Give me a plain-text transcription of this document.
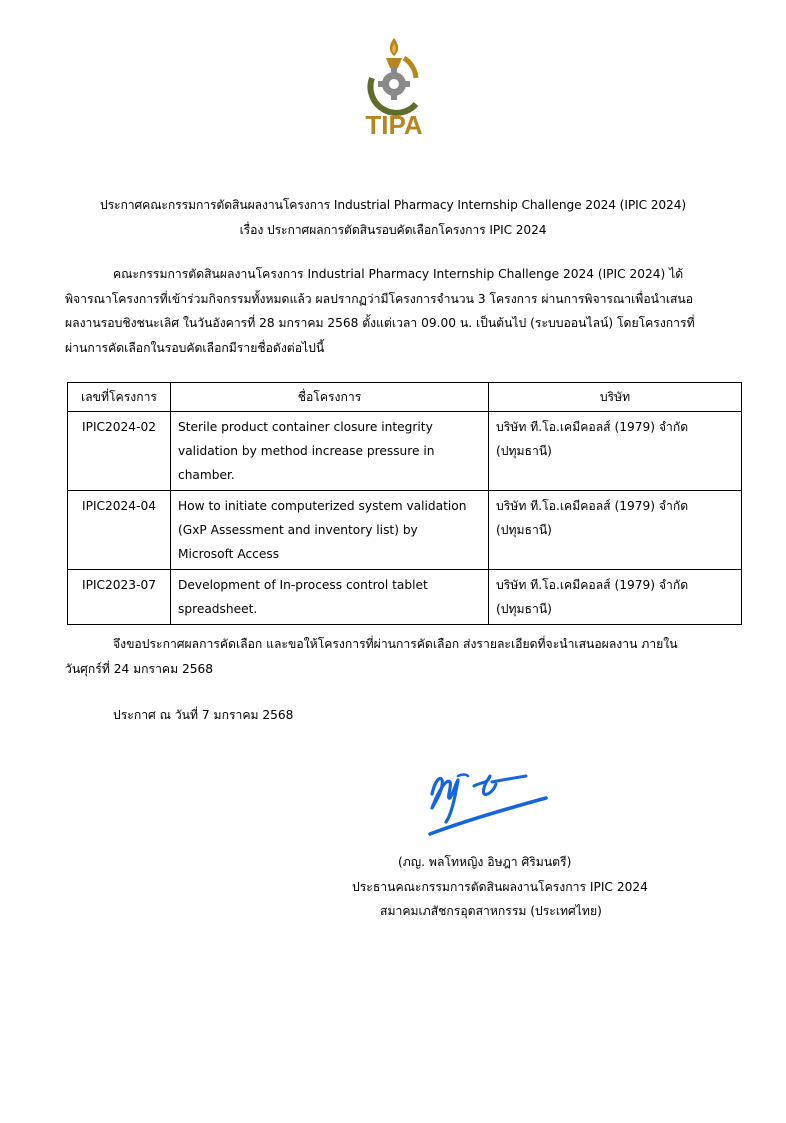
TIPA
ประกาศคณะกรรมการตัดสินผลงานโครงการ Industrial Pharmacy Internship Challenge 2024 (IPIC 2024)
เรื่อง ประกาศผลการตัดสินรอบคัดเลือกโครงการ IPIC 2024
คณะกรรมการตัดสินผลงานโครงการ Industrial Pharmacy Internship Challenge 2024 (IPIC 2024) ได้
พิจารณาโครงการที่เข้าร่วมกิจกรรมทั้งหมดแล้ว ผลปรากฏว่ามีโครงการจำนวน 3 โครงการ ผ่านการพิจารณาเพื่อนำเสนอ
ผลงานรอบชิงชนะเลิศ ในวันอังคารที่ 28 มกราคม 2568 ตั้งแต่เวลา 09.00 น. เป็นต้นไป (ระบบออนไลน์) โดยโครงการที่
ผ่านการคัดเลือกในรอบคัดเลือกมีรายชื่อดังต่อไปนี้
เลขที่โครงการ	ชื่อโครงการ	บริษัท
IPIC2024-02	Sterile product container closure integrity
validation by method increase pressure in
chamber.	บริษัท ที.โอ.เคมีคอลส์ (1979) จำกัด
(ปทุมธานี)

IPIC2024-04	How to initiate computerized system validation
(GxP Assessment and inventory list) by
Microsoft Access	บริษัท ที.โอ.เคมีคอลส์ (1979) จำกัด
(ปทุมธานี)

IPIC2023-07	Development of In-process control tablet
spreadsheet.	บริษัท ที.โอ.เคมีคอลส์ (1979) จำกัด
(ปทุมธานี)
จึงขอประกาศผลการคัดเลือก และขอให้โครงการที่ผ่านการคัดเลือก ส่งรายละเอียดที่จะนำเสนอผลงาน ภายใน
วันศุกร์ที่ 24 มกราคม 2568
ประกาศ ณ วันที่ 7 มกราคม 2568
(ภญ. พลโทหญิง อิษฎา ศิริมนตรี)
ประธานคณะกรรมการตัดสินผลงานโครงการ IPIC 2024
สมาคมเภสัชกรอุตสาหกรรม (ประเทศไทย)
